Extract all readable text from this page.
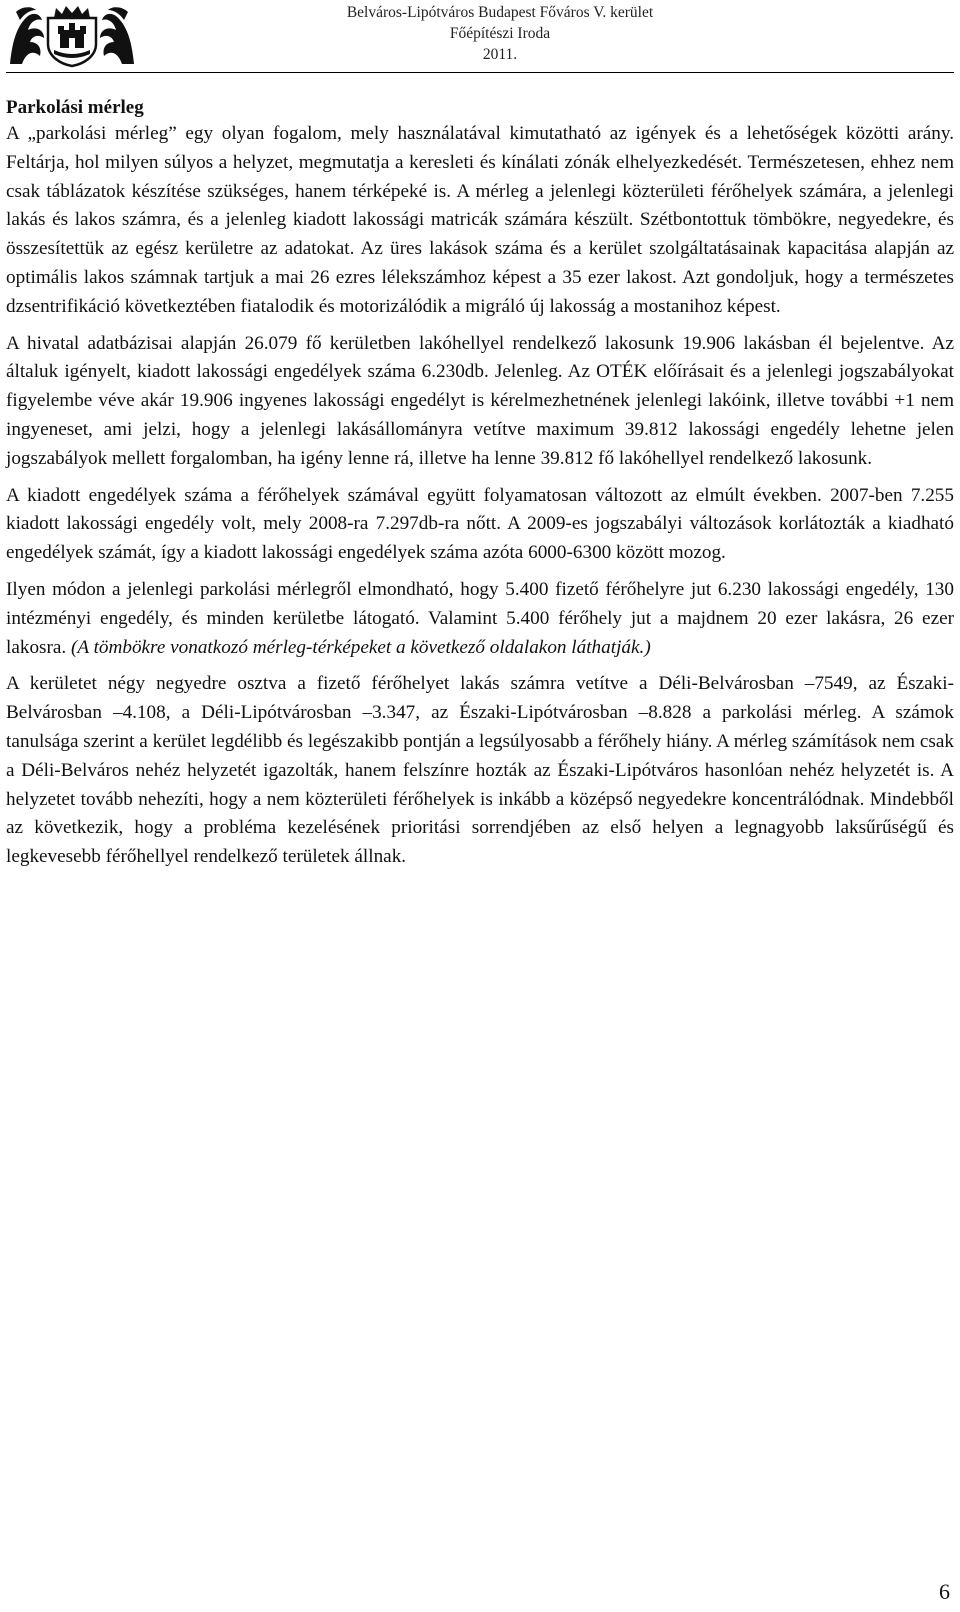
Belváros-Lipótváros Budapest Főváros V. kerület
Főépítészi Iroda
2011.
Parkolási mérleg

A „parkolási mérleg” egy olyan fogalom, mely használatával kimutatható az igények és a lehetőségek közötti arány. Feltárja, hol milyen súlyos a helyzet, megmutatja a keresleti és kínálati zónák elhelyezkedését. Természetesen, ehhez nem csak táblázatok készítése szükséges, hanem térképeké is. A mérleg a jelenlegi közterületi férőhelyek számára, a jelenlegi lakás és lakos számra, és a jelenleg kiadott lakossági matricák számára készült. Szétbontottuk tömbökre, negyedekre, és összesítettük az egész kerületre az adatokat. Az üres lakások száma és a kerület szolgáltatásainak kapacitása alapján az optimális lakos számnak tartjuk a mai 26 ezres lélekszámhoz képest a 35 ezer lakost. Azt gondoljuk, hogy a természetes dzsentrifikáció következtében fiatalodik és motorizálódik a migráló új lakosság a mostanihoz képest.

A hivatal adatbázisai alapján 26.079 fő kerületben lakóhellyel rendelkező lakosunk 19.906 lakásban él bejelentve. Az általuk igényelt, kiadott lakossági engedélyek száma 6.230db. Jelenleg. Az OTÉK előírásait és a jelenlegi jogszabályokat figyelembe véve akár 19.906 ingyenes lakossági engedélyt is kérelmezhetnének jelenlegi lakóink, illetve további +1 nem ingyeneset, ami jelzi, hogy a jelenlegi lakásállományra vetítve maximum 39.812 lakossági engedély lehetne jelen jogszabályok mellett forgalomban, ha igény lenne rá, illetve ha lenne 39.812 fő lakóhellyel rendelkező lakosunk.

A kiadott engedélyek száma a férőhelyek számával együtt folyamatosan változott az elmúlt években. 2007-ben 7.255 kiadott lakossági engedély volt, mely 2008-ra 7.297db-ra nőtt. A 2009-es jogszabályi változások korlátozták a kiadható engedélyek számát, így a kiadott lakossági engedélyek száma azóta 6000-6300 között mozog.

Ilyen módon a jelenlegi parkolási mérlegről elmondható, hogy 5.400 fizető férőhelyre jut 6.230 lakossági engedély, 130 intézményi engedély, és minden kerületbe látogató. Valamint 5.400 férőhely jut a majdnem 20 ezer lakásra, 26 ezer lakosra. (A tömbökre vonatkozó mérleg-térképeket a következő oldalakon láthatják.)

A kerületet négy negyedre osztva a fizető férőhelyet lakás számra vetítve a Déli-Belvárosban –7549, az Északi-Belvárosban –4.108, a Déli-Lipótvárosban –3.347, az Északi-Lipótvárosban –8.828 a parkolási mérleg. A számok tanulsága szerint a kerület legdélibb és legészakibb pontján a legsúlyosabb a férőhely hiány. A mérleg számítások nem csak a Déli-Belváros nehéz helyzetét igazolták, hanem felszínre hozták az Északi-Lipótváros hasonlóan nehéz helyzetét is. A helyzetet tovább nehezíti, hogy a nem közterületi férőhelyek is inkább a középső negyedekre koncentrálódnak. Mindebből az következik, hogy a probléma kezelésének prioritási sorrendjében az első helyen a legnagyobb laksűrűségű és legkevesebb férőhellyel rendelkező területek állnak.

6
